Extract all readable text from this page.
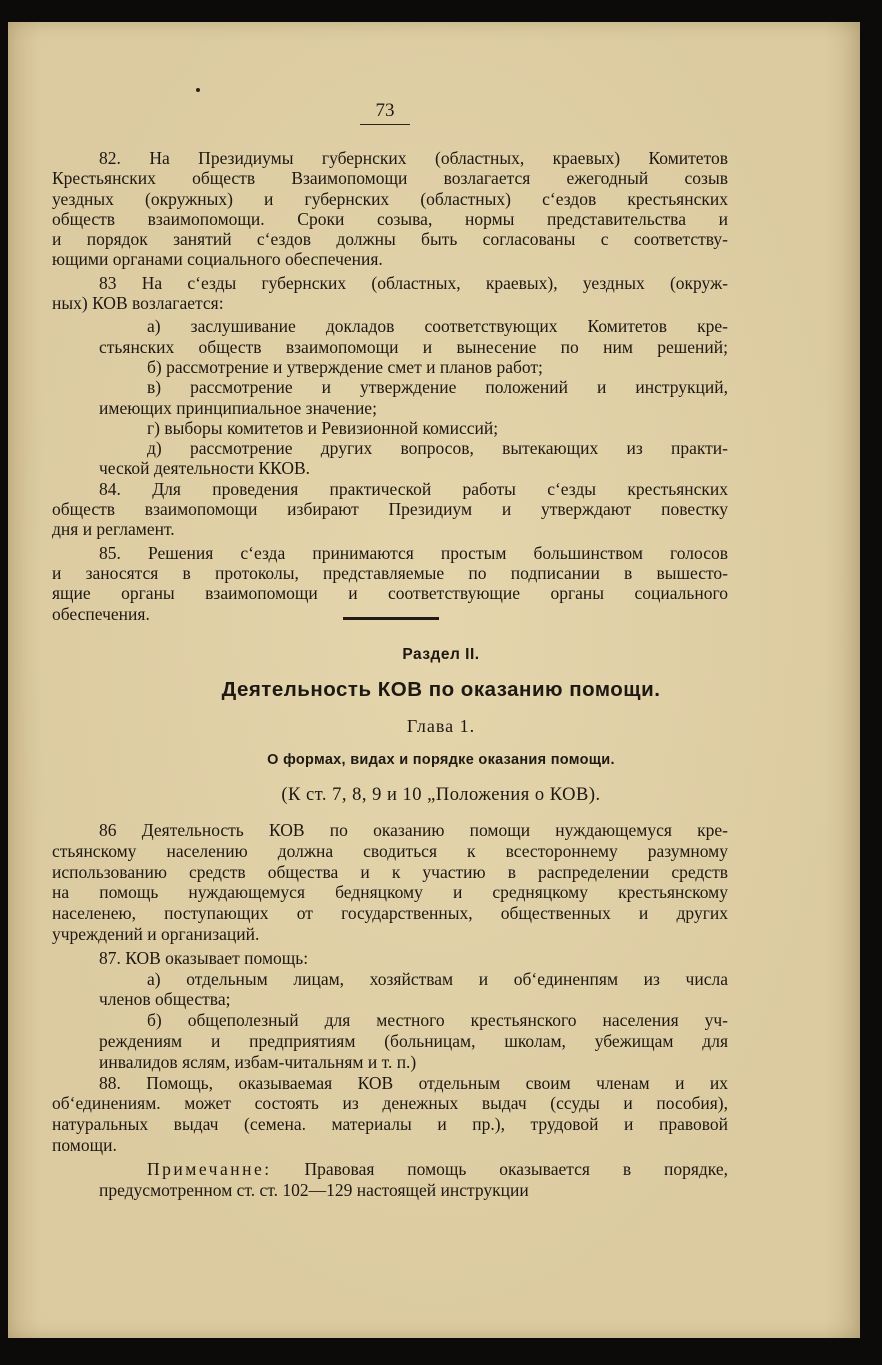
73

82. На Президиумы губернских (областных, краевых) Комитетов

Крестьянских обществ Взаимопомощи возлагается ежегодный созыв

уездных (окружных) и губернских (областных) с‘ездов крестьянских

обществ взаимопомощи. Сроки созыва, нормы представительства и

и порядок занятий с‘ездов должны быть согласованы с соответству-

ющими органами социального обеспечения.

83 На с‘езды губернских (областных, краевых), уездных (окруж-

ных) КОВ возлагается:

а) заслушивание докладов соответствующих Комитетов кре-

стьянских обществ взаимопомощи и вынесение по ним решений;

б) рассмотрение и утверждение смет и планов работ;

в) рассмотрение и утверждение положений и инструкций,

имеющих принципиальное значение;

г) выборы комитетов и Ревизионной комиссий;

д) рассмотрение других вопросов, вытекающих из практи-

ческой деятельности ККОВ.

84. Для проведения практической работы с‘езды крестьянских

обществ взаимопомощи избирают Президиум и утверждают повестку

дня и регламент.

85. Решения с‘езда принимаются простым большинством голосов

и заносятся в протоколы, представляемые по подписании в вышесто-

ящие органы взаимопомощи и соответствующие органы социального

обеспечения.

Раздел II.
Деятельность КОВ по оказанию помощи.
Глава 1.
О формах, видах и порядке оказания помощи.
(К ст. 7, 8, 9 и 10 „Положения о КОВ).

86 Деятельность КОВ по оказанию помощи нуждающемуся кре-

стьянскому населению должна сводиться к всестороннему разумному

использованию средств общества и к участию в распределении средств

на помощь нуждающемуся бедняцкому и средняцкому крестьянскому

населенею, поступающих от государственных, общественных и других

учреждений и организаций.

87. КОВ оказывает помощь:

а) отдельным лицам, хозяйствам и об‘единенпям из числа

членов общества;

б) общеполезный для местного крестьянского населения уч-

реждениям и предприятиям (больницам, школам, убежищам для

инвалидов яслям, избам-читальням и т. п.)

88. Помощь, оказываемая КОВ отдельным своим членам и их

об‘единениям. может состоять из денежных выдач (ссуды и пособия),

натуральных выдач (семена. материалы и пр.), трудовой и правовой

помощи.

Примечанне: Правовая помощь оказывается в порядке,

предусмотренном ст. ст. 102—129 настоящей инструкции
